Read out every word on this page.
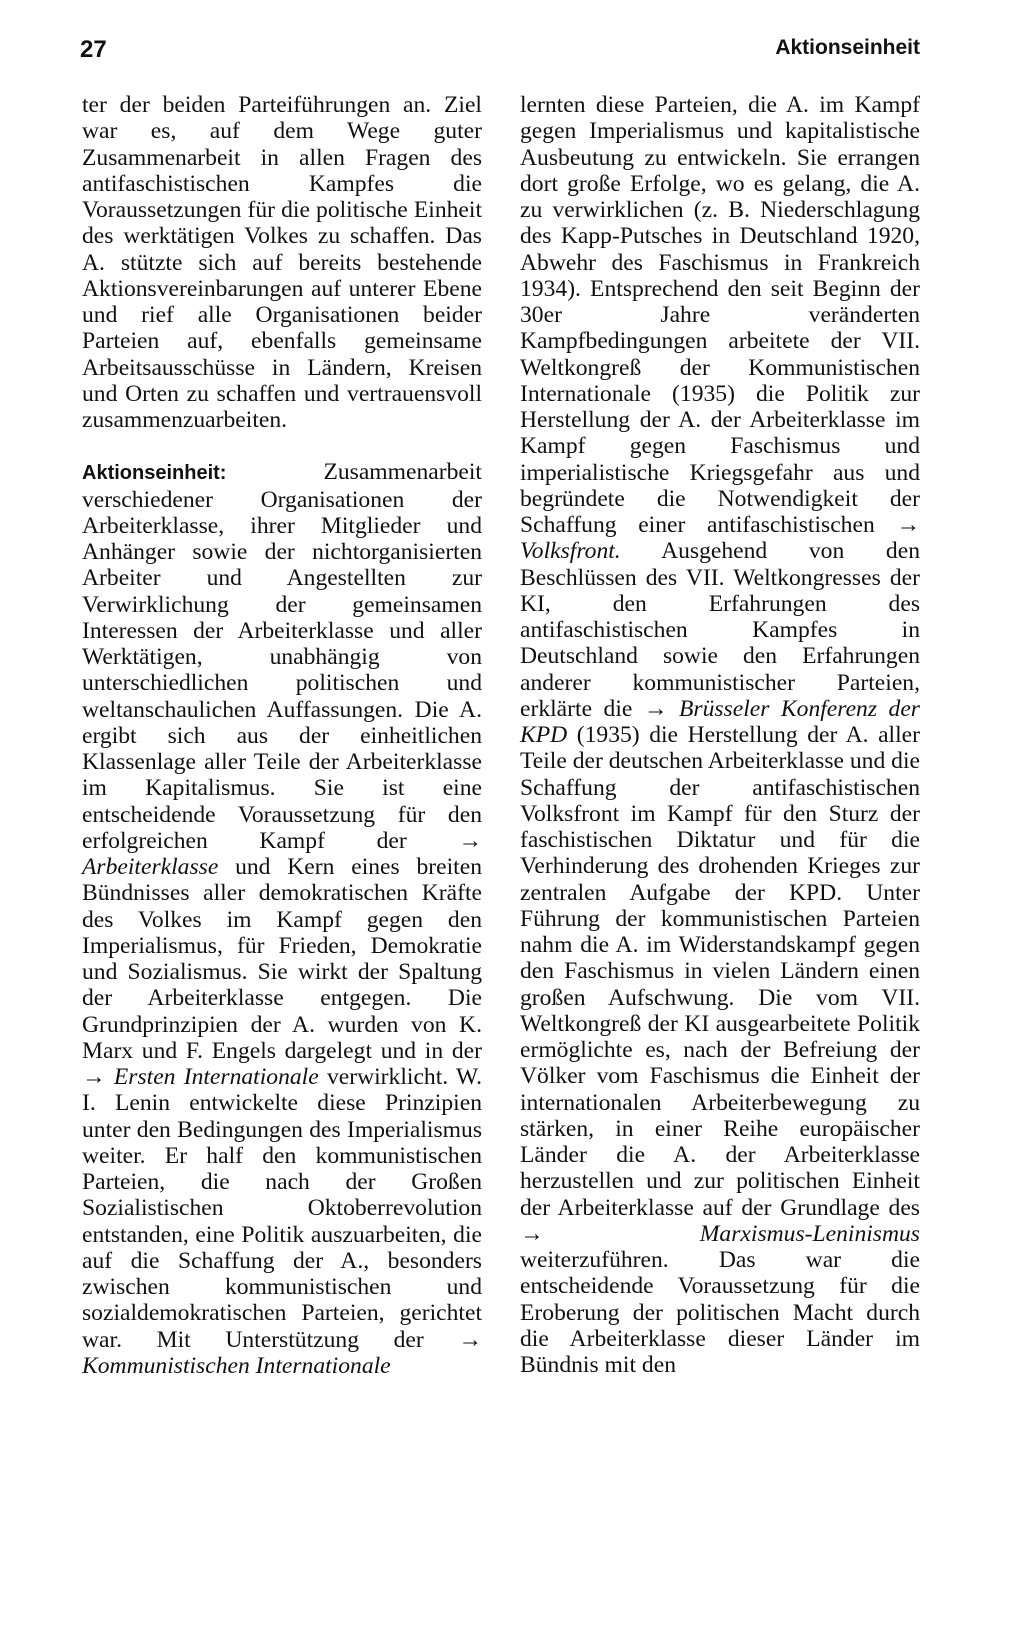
27	Aktionseinheit

ter der beiden Parteiführungen an. Ziel war es, auf dem Wege guter Zusammenarbeit in allen Fragen des antifaschistischen Kampfes die Voraussetzungen für die politische Einheit des werktätigen Volkes zu schaffen. Das A. stützte sich auf bereits bestehende Aktionsvereinbarungen auf unterer Ebene und rief alle Organisationen beider Parteien auf, ebenfalls gemeinsame Arbeitsausschüsse in Ländern, Kreisen und Orten zu schaffen und vertrauensvoll zusammenzuarbeiten.

Aktionseinheit: Zusammenarbeit verschiedener Organisationen der Arbeiterklasse, ihrer Mitglieder und Anhänger sowie der nichtorganisierten Arbeiter und Angestellten zur Verwirklichung der gemeinsamen Interessen der Arbeiterklasse und aller Werktätigen, unabhängig von unterschiedlichen politischen und weltanschaulichen Auffassungen. Die A. ergibt sich aus der einheitlichen Klassenlage aller Teile der Arbeiterklasse im Kapitalismus. Sie ist eine entscheidende Voraussetzung für den erfolgreichen Kampf der → Arbeiterklasse und Kern eines breiten Bündnisses aller demokratischen Kräfte des Volkes im Kampf gegen den Imperialismus, für Frieden, Demokratie und Sozialismus. Sie wirkt der Spaltung der Arbeiterklasse entgegen. Die Grundprinzipien der A. wurden von K. Marx und F. Engels dargelegt und in der → Ersten Internationale verwirklicht. W. I. Lenin entwickelte diese Prinzipien unter den Bedingungen des Imperialismus weiter. Er half den kommunistischen Parteien, die nach der Großen Sozialistischen Oktoberrevolution entstanden, eine Politik auszuarbeiten, die auf die Schaffung der A., besonders zwischen kommunistischen und sozialdemokratischen Parteien, gerichtet war. Mit Unterstützung der → Kommunistischen Internationale

lernten diese Parteien, die A. im Kampf gegen Imperialismus und kapitalistische Ausbeutung zu entwickeln. Sie errangen dort große Erfolge, wo es gelang, die A. zu verwirklichen (z. B. Niederschlagung des Kapp-Putsches in Deutschland 1920, Abwehr des Faschismus in Frankreich 1934). Entsprechend den seit Beginn der 30er Jahre veränderten Kampfbedingungen arbeitete der VII. Weltkongreß der Kommunistischen Internationale (1935) die Politik zur Herstellung der A. der Arbeiterklasse im Kampf gegen Faschismus und imperialistische Kriegsgefahr aus und begründete die Notwendigkeit der Schaffung einer antifaschistischen → Volksfront. Ausgehend von den Beschlüssen des VII. Weltkongresses der KI, den Erfahrungen des antifaschistischen Kampfes in Deutschland sowie den Erfahrungen anderer kommunistischer Parteien, erklärte die → Brüsseler Konferenz der KPD (1935) die Herstellung der A. aller Teile der deutschen Arbeiterklasse und die Schaffung der antifaschistischen Volksfront im Kampf für den Sturz der faschistischen Diktatur und für die Verhinderung des drohenden Krieges zur zentralen Aufgabe der KPD. Unter Führung der kommunistischen Parteien nahm die A. im Widerstandskampf gegen den Faschismus in vielen Ländern einen großen Aufschwung. Die vom VII. Weltkongreß der KI ausgearbeitete Politik ermöglichte es, nach der Befreiung der Völker vom Faschismus die Einheit der internationalen Arbeiterbewegung zu stärken, in einer Reihe europäischer Länder die A. der Arbeiterklasse herzustellen und zur politischen Einheit der Arbeiterklasse auf der Grundlage des → Marxismus-Leninismus weiterzuführen. Das war die entscheidende Voraussetzung für die Eroberung der politischen Macht durch die Arbeiterklasse dieser Länder im Bündnis mit den
